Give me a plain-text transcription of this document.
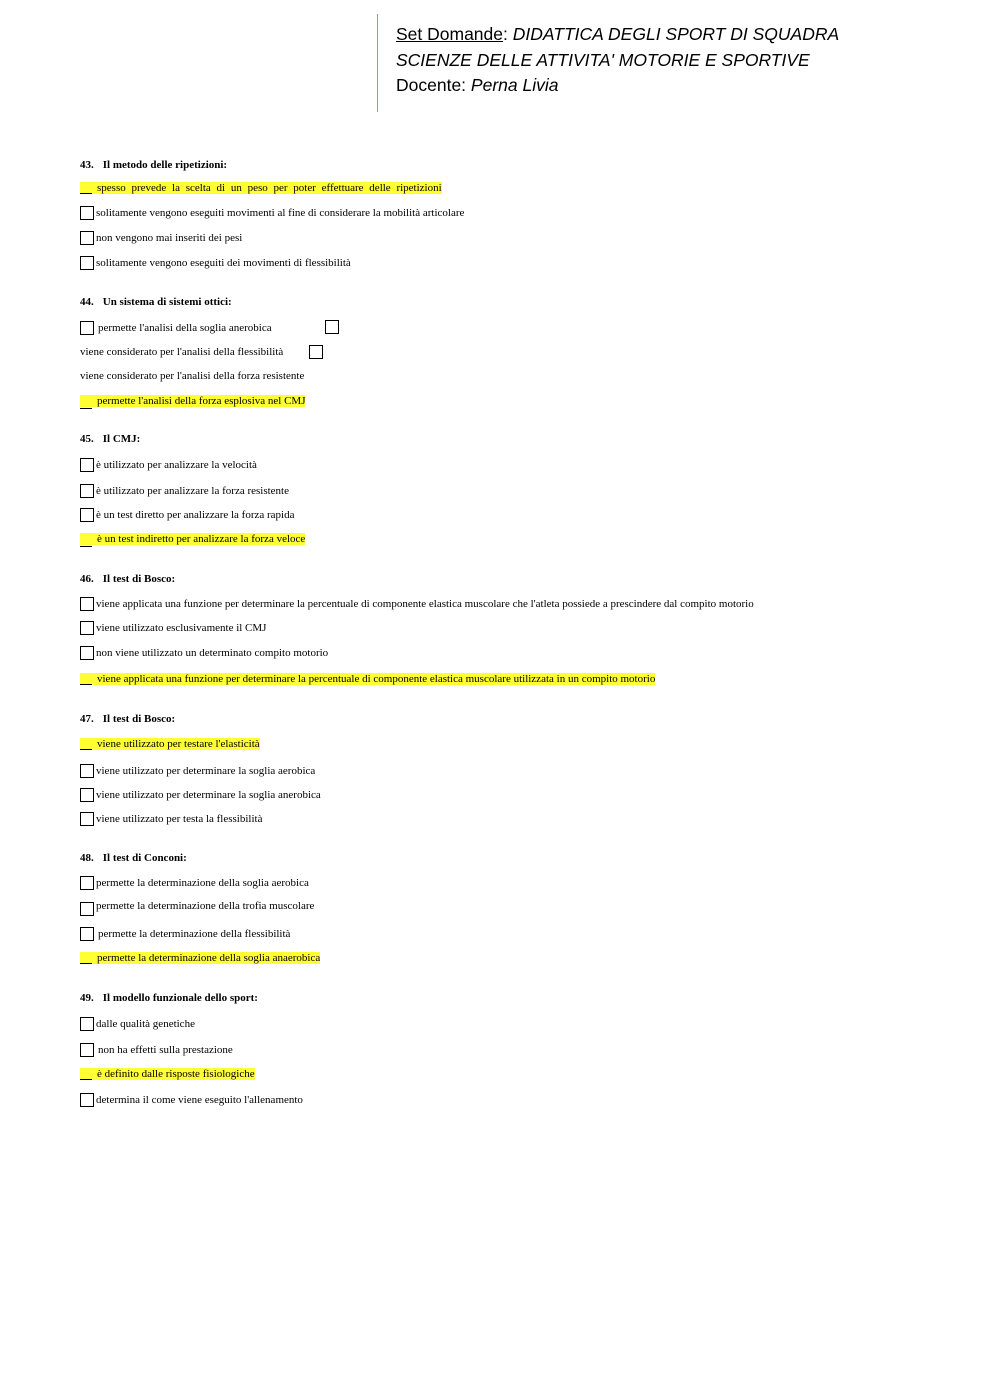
Set Domande: DIDATTICA DEGLI SPORT DI SQUADRA
SCIENZE DELLE ATTIVITA' MOTORIE E SPORTIVE
Docente: Perna Livia
43. Il metodo delle ripetizioni:
spesso prevede la scelta di un peso per poter effettuare delle ripetizioni
solitamente vengono eseguiti movimenti al fine di considerare la mobilità articolare
non vengono mai inseriti dei pesi
solitamente vengono eseguiti dei movimenti di flessibilità
44. Un sistema di sistemi ottici:
permette l'analisi della soglia anerobica
viene considerato per l'analisi della flessibilità
viene considerato per l'analisi della forza resistente
permette l'analisi della forza esplosiva nel CMJ
45. Il CMJ:
è utilizzato per analizzare la velocità
è utilizzato per analizzare la forza resistente
è un test diretto per analizzare la forza rapida
è un test indiretto per analizzare la forza veloce
46. Il test di Bosco:
viene applicata una funzione per determinare la percentuale di componente elastica muscolare che l'atleta possiede a prescindere dal compito motorio
viene utilizzato esclusivamente il CMJ
non viene utilizzato un determinato compito motorio
viene applicata una funzione per determinare la percentuale di componente elastica muscolare utilizzata in un compito motorio
47. Il test di Bosco:
viene utilizzato per testare l'elasticità
viene utilizzato per determinare la soglia aerobica
viene utilizzato per determinare la soglia anerobica
viene utilizzato per testa la flessibilità
48. Il test di Conconi:
permette la determinazione della soglia aerobica
permette la determinazione della trofia muscolare
permette la determinazione della flessibilità
permette la determinazione della soglia anaerobica
49. Il modello funzionale dello sport:
dalle qualità genetiche
non ha effetti sulla prestazione
è definito dalle risposte fisiologiche
determina il come viene eseguito l'allenamento
